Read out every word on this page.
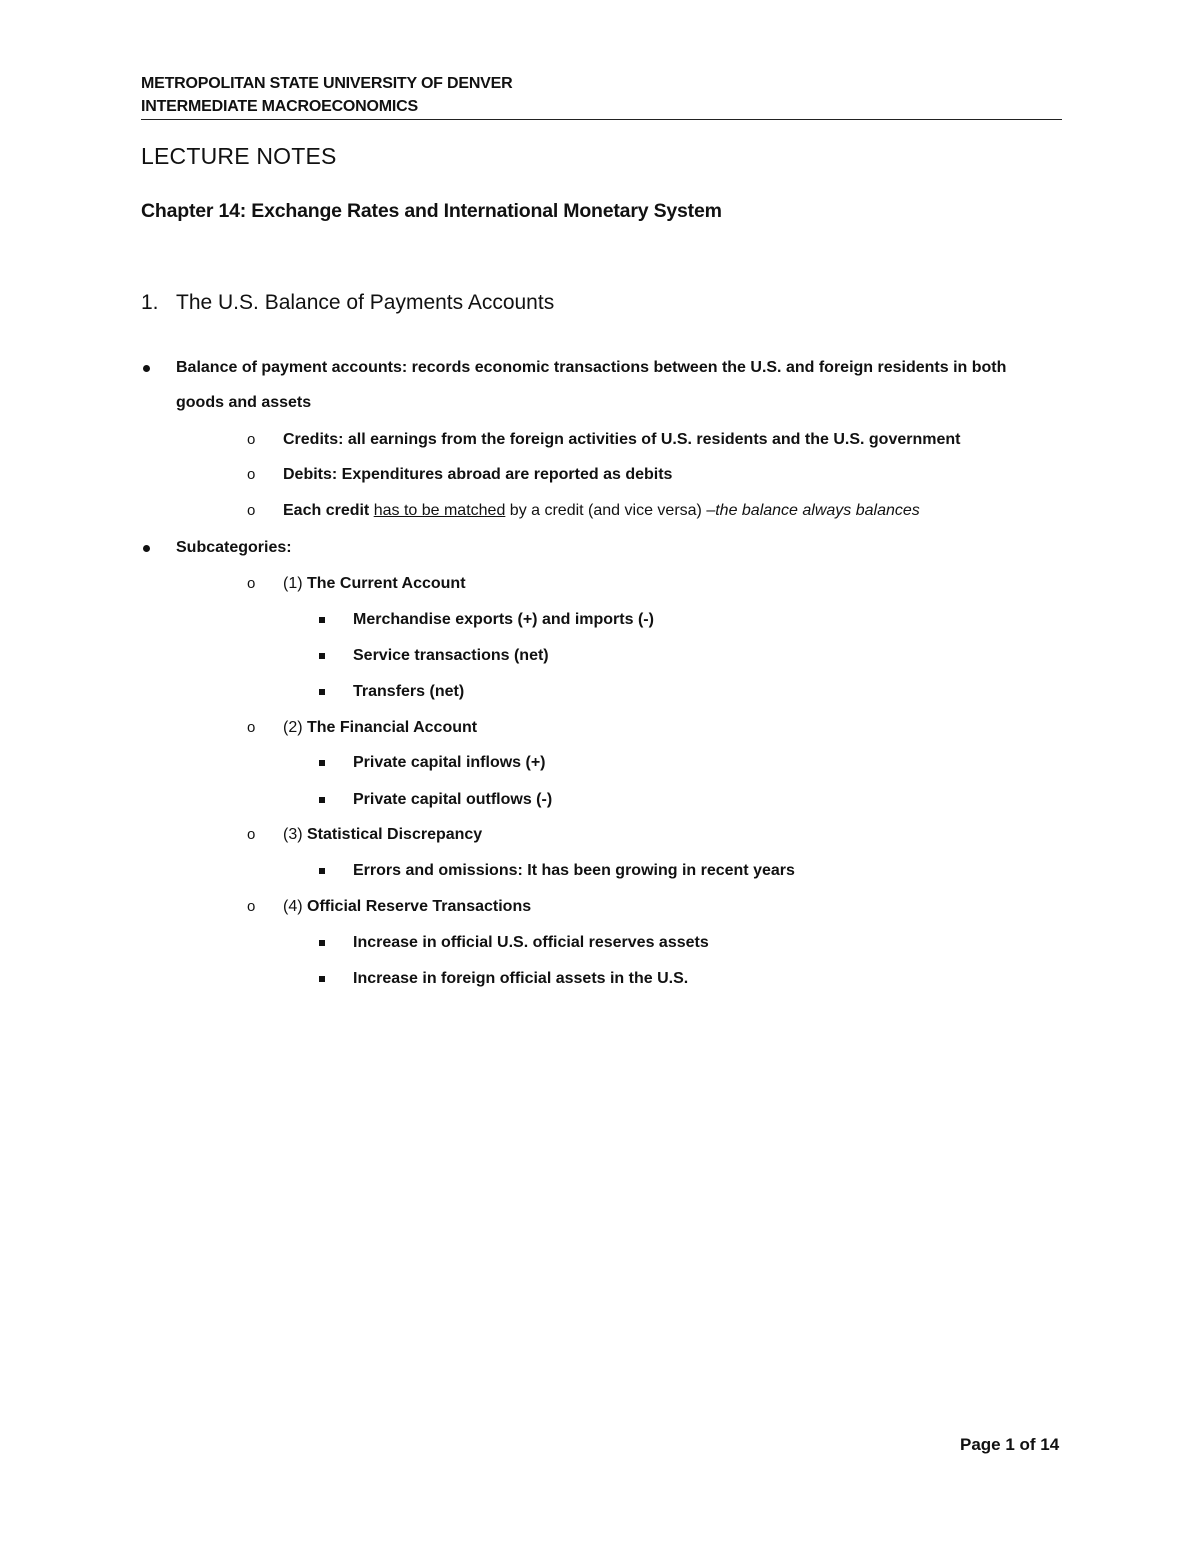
METROPOLITAN STATE UNIVERSITY OF DENVER
INTERMEDIATE MACROECONOMICS
LECTURE NOTES
Chapter 14: Exchange Rates and International Monetary System
1. The U.S. Balance of Payments Accounts
Balance of payment accounts: records economic transactions between the U.S. and foreign residents in both
goods and assets
o Credits: all earnings from the foreign activities of U.S. residents and the U.S. government
o Debits: Expenditures abroad are reported as debits
o Each credit has to be matched by a credit (and vice versa) –the balance always balances
Subcategories:
o (1) The Current Account
Merchandise exports (+) and imports (-)
Service transactions (net)
Transfers (net)
o (2) The Financial Account
Private capital inflows (+)
Private capital outflows (-)
o (3) Statistical Discrepancy
Errors and omissions: It has been growing in recent years
o (4) Official Reserve Transactions
Increase in official U.S. official reserves assets
Increase in foreign official assets in the U.S.
Page 1 of 14
